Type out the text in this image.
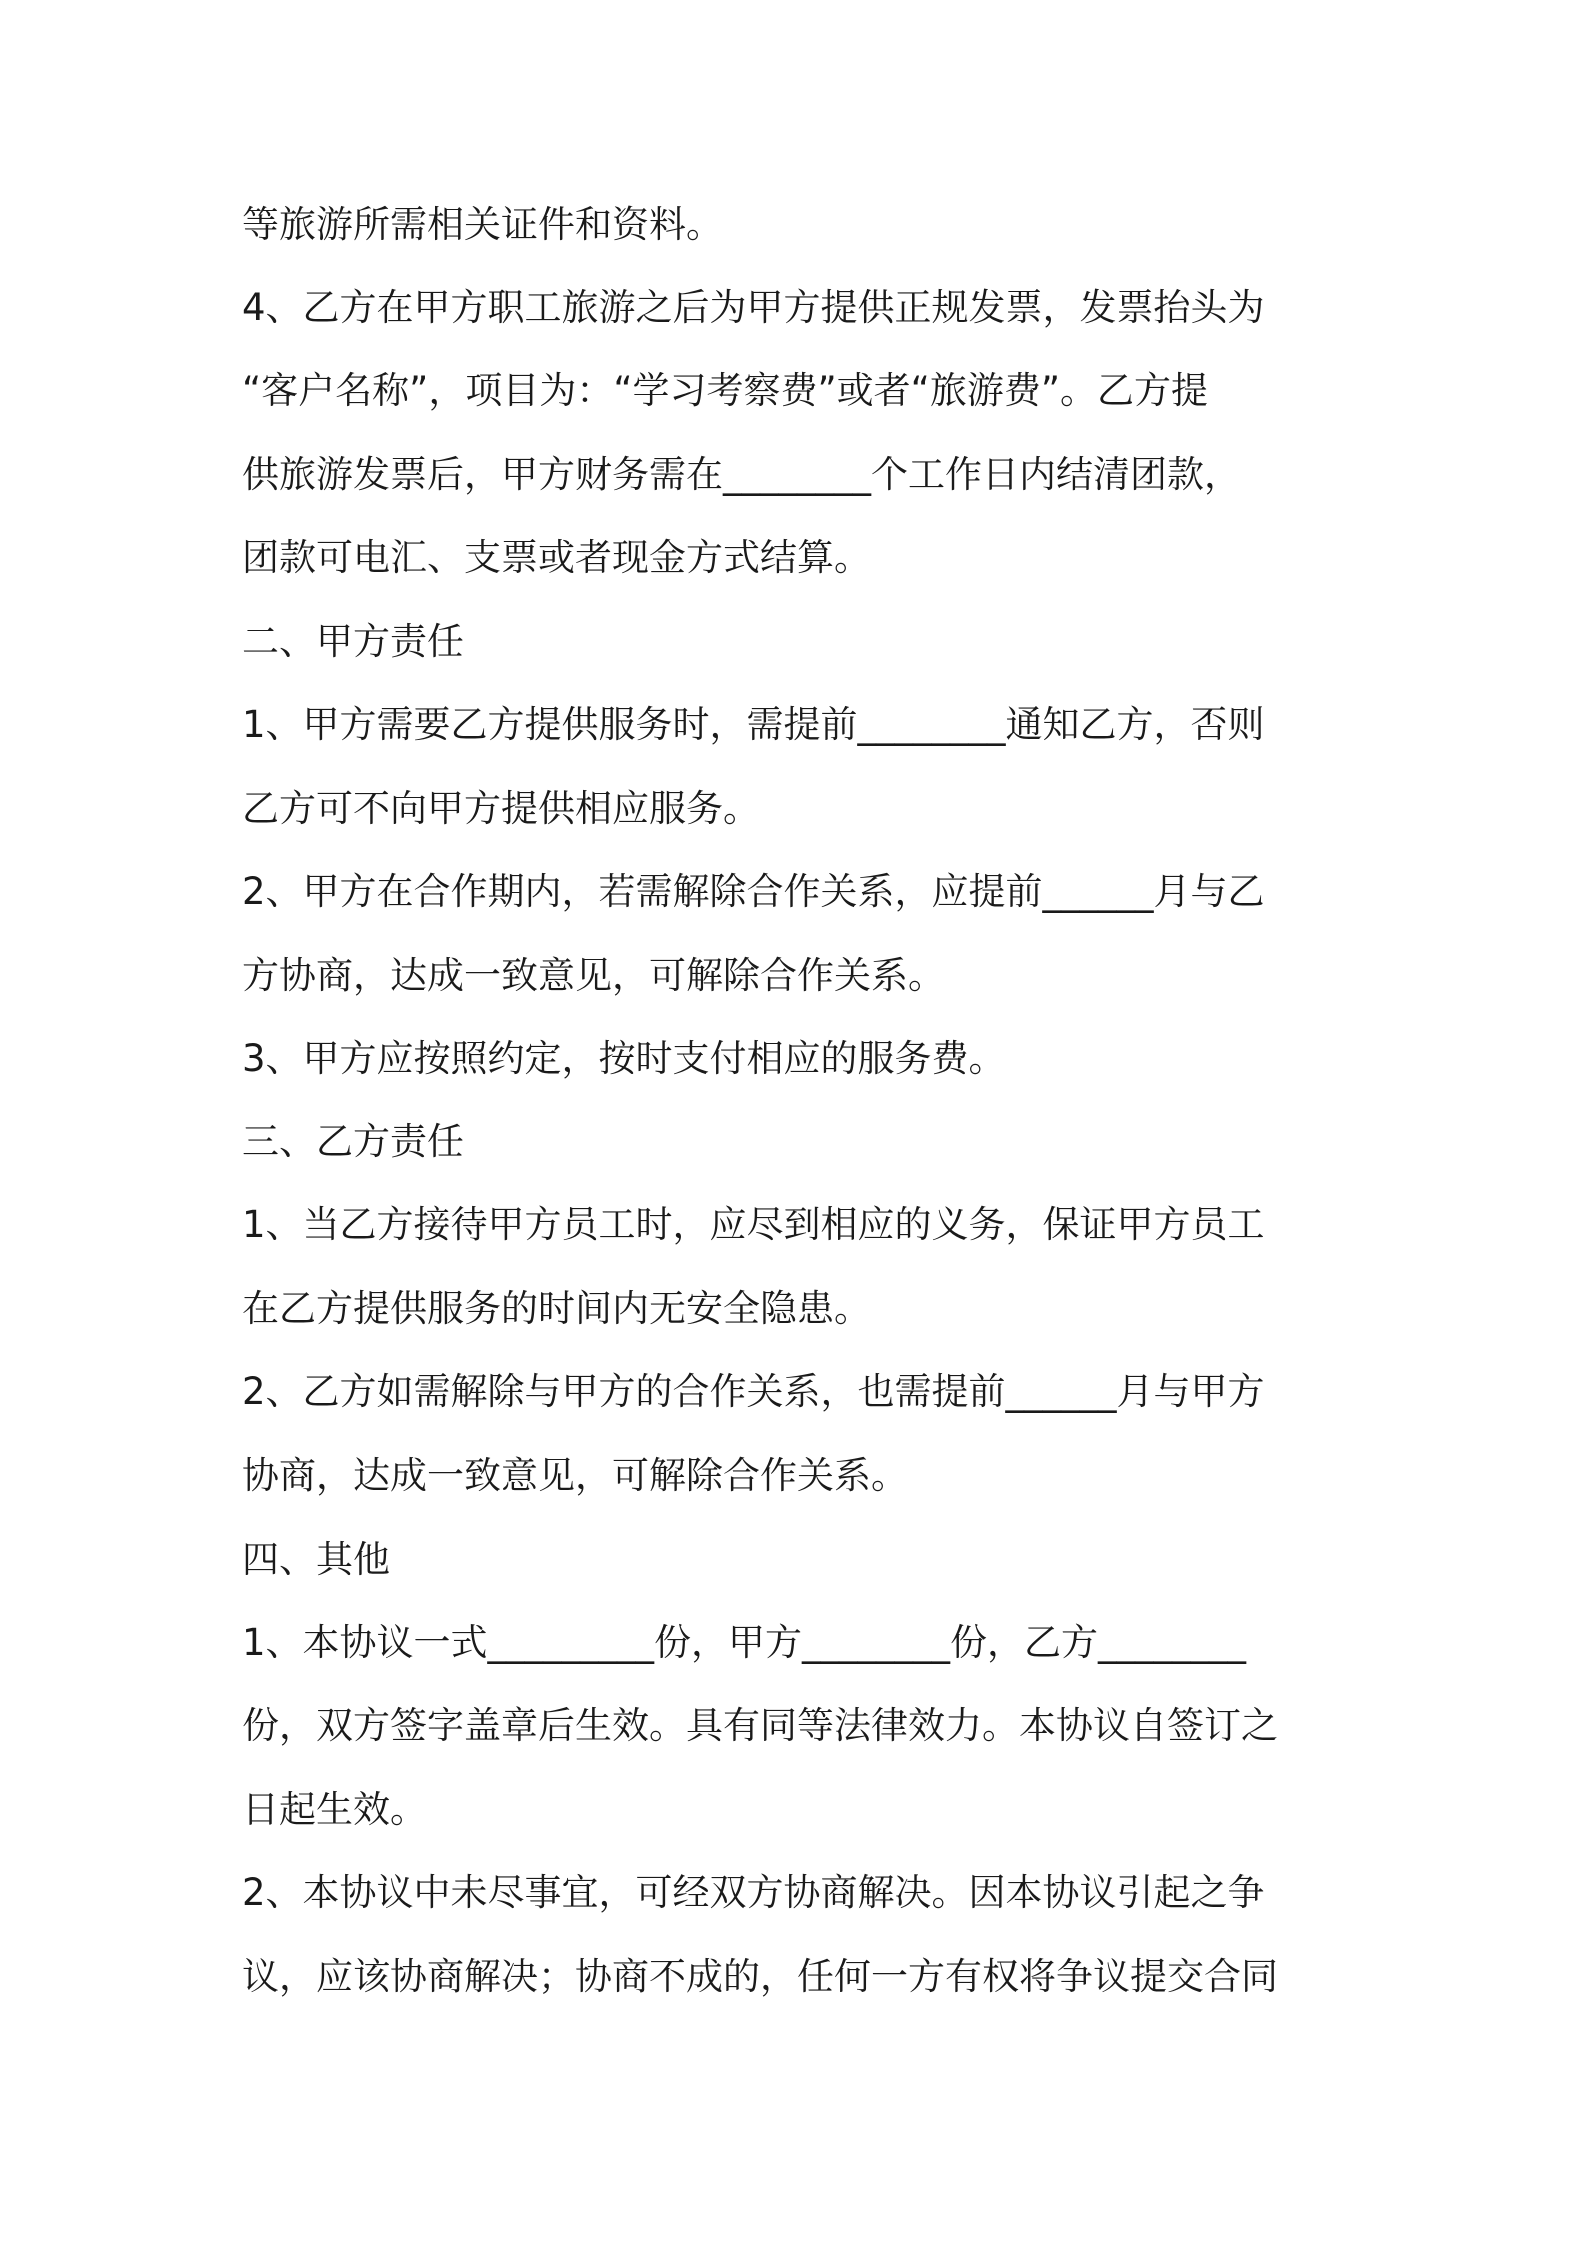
等旅游所需相关证件和资料。
4、乙方在甲方职工旅游之后为甲方提供正规发票，发票抬头为
“客户名称”，项目为：“学习考察费”或者“旅游费”。乙方提
供旅游发票后，甲方财务需在________个工作日内结清团款，
团款可电汇、支票或者现金方式结算。
二、甲方责任
1、甲方需要乙方提供服务时，需提前________通知乙方，否则
乙方可不向甲方提供相应服务。
2、甲方在合作期内，若需解除合作关系，应提前______月与乙
方协商，达成一致意见，可解除合作关系。
3、甲方应按照约定，按时支付相应的服务费。
三、乙方责任
1、当乙方接待甲方员工时，应尽到相应的义务，保证甲方员工
在乙方提供服务的时间内无安全隐患。
2、乙方如需解除与甲方的合作关系，也需提前______月与甲方
协商，达成一致意见，可解除合作关系。
四、其他
1、本协议一式_________份，甲方________份，乙方________
份，双方签字盖章后生效。具有同等法律效力。本协议自签订之
日起生效。
2、本协议中未尽事宜，可经双方协商解决。因本协议引起之争
议，应该协商解决；协商不成的，任何一方有权将争议提交合同
